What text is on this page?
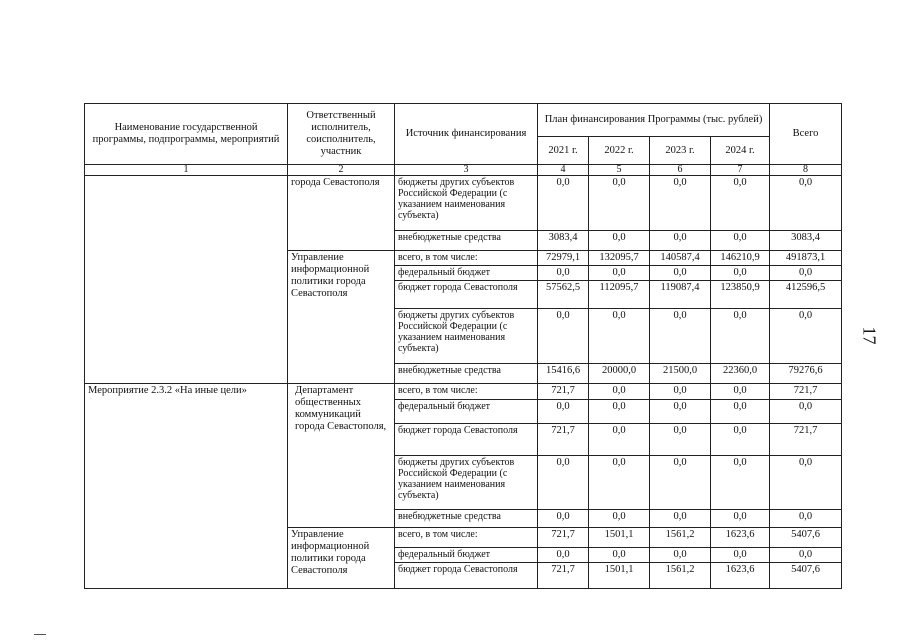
Наименование государственной программы, подпрограммы, мероприятий	Ответственный исполнитель, соисполнитель, участник	Источник финансирования	План финансирования Программы (тыс. рублей)				Всего
			2021 г.	2022 г.	2023 г.	2024 г.	
1	2	3	4	5	6	7	8
	города Севастополя	бюджеты других субъектов Российской Федерации (с указанием наименования субъекта)	0,0	0,0	0,0	0,0	0,0
		внебюджетные средства	3083,4	0,0	0,0	0,0	3083,4
	Управление информационной политики города Севастополя	всего, в том числе:	72979,1	132095,7	140587,4	146210,9	491873,1
		федеральный бюджет	0,0	0,0	0,0	0,0	0,0
		бюджет города Севастополя	57562,5	112095,7	119087,4	123850,9	412596,5
		бюджеты других субъектов Российской Федерации (с указанием наименования субъекта)	0,0	0,0	0,0	0,0	0,0
		внебюджетные средства	15416,6	20000,0	21500,0	22360,0	79276,6
Мероприятие 2.3.2 «На иные цели»	Департамент общественных коммуникаций города Севастополя,	всего, в том числе:	721,7	0,0	0,0	0,0	721,7
		федеральный бюджет	0,0	0,0	0,0	0,0	0,0
		бюджет города Севастополя	721,7	0,0	0,0	0,0	721,7
		бюджеты других субъектов Российской Федерации (с указанием наименования субъекта)	0,0	0,0	0,0	0,0	0,0
		внебюджетные средства	0,0	0,0	0,0	0,0	0,0
	Управление информационной политики города Севастополя	всего, в том числе:	721,7	1501,1	1561,2	1623,6	5407,6
		федеральный бюджет	0,0	0,0	0,0	0,0	0,0
		бюджет города Севастополя	721,7	1501,1	1561,2	1623,6	5407,6
17
